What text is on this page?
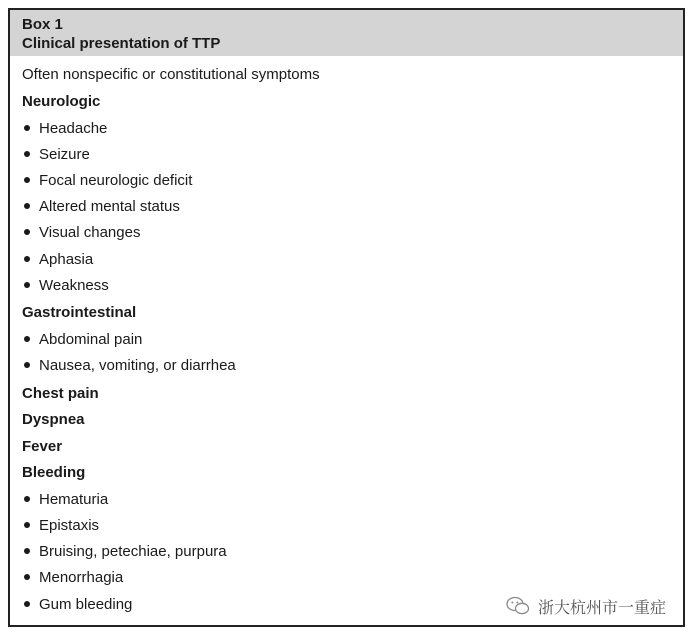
Box 1
Clinical presentation of TTP
Often nonspecific or constitutional symptoms
Neurologic
Headache
Seizure
Focal neurologic deficit
Altered mental status
Visual changes
Aphasia
Weakness
Gastrointestinal
Abdominal pain
Nausea, vomiting, or diarrhea
Chest pain
Dyspnea
Fever
Bleeding
Hematuria
Epistaxis
Bruising, petechiae, purpura
Menorrhagia
Gum bleeding	浙大杭州市一重症
